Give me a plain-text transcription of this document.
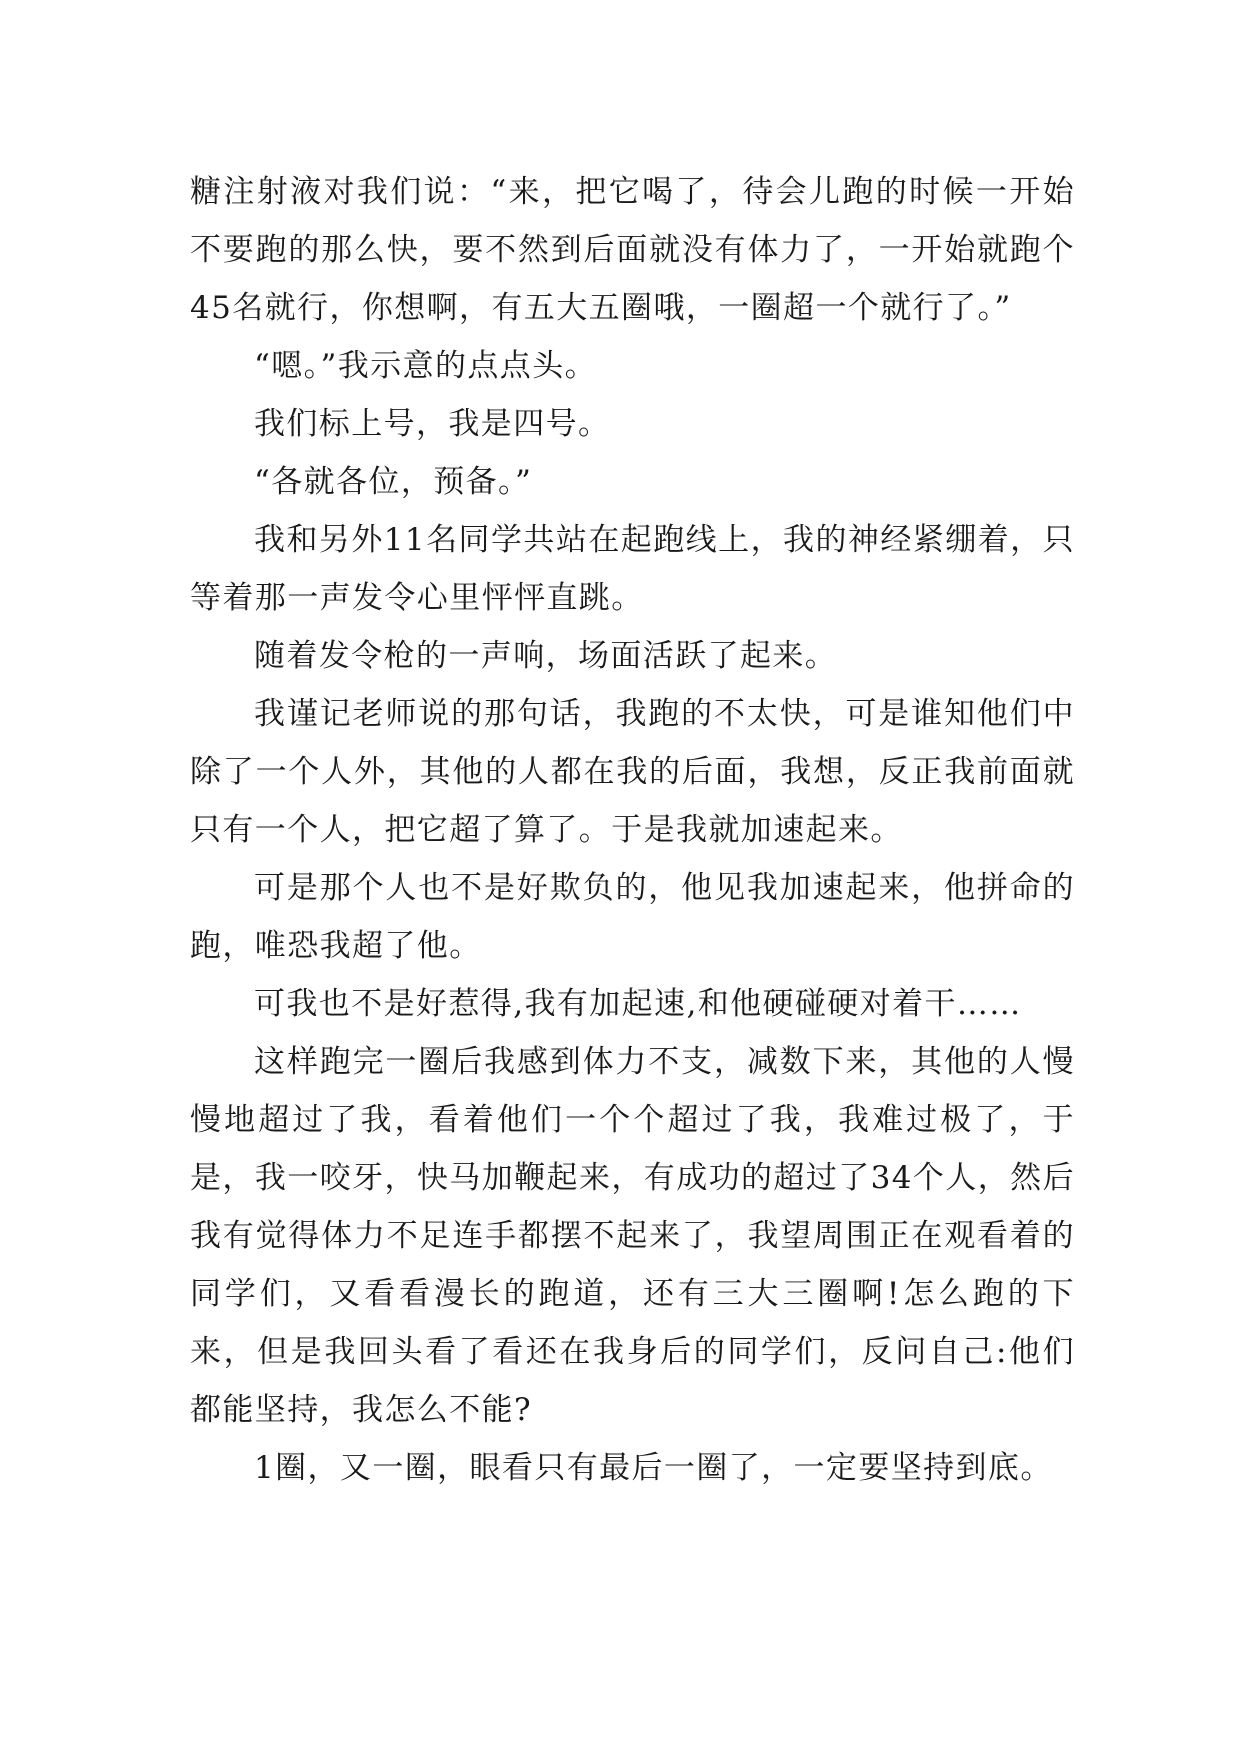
糖注射液对我们说：“来，把它喝了，待会儿跑的时候一开始不要跑的那么快，要不然到后面就没有体力了，一开始就跑个45名就行，你想啊，有五大五圈哦，一圈超一个就行了。”

“嗯。”我示意的点点头。

我们标上号，我是四号。

“各就各位，预备。”

我和另外11名同学共站在起跑线上，我的神经紧绷着，只等着那一声发令心里怦怦直跳。

随着发令枪的一声响，场面活跃了起来。

我谨记老师说的那句话，我跑的不太快，可是谁知他们中除了一个人外，其他的人都在我的后面，我想，反正我前面就只有一个人，把它超了算了。于是我就加速起来。

可是那个人也不是好欺负的，他见我加速起来，他拼命的跑，唯恐我超了他。

可我也不是好惹得,我有加起速,和他硬碰硬对着干……

这样跑完一圈后我感到体力不支，减数下来，其他的人慢慢地超过了我，看着他们一个个超过了我，我难过极了，于是，我一咬牙，快马加鞭起来，有成功的超过了34个人，然后我有觉得体力不足连手都摆不起来了，我望周围正在观看着的同学们，又看看漫长的跑道，还有三大三圈啊!怎么跑的下来，但是我回头看了看还在我身后的同学们，反问自己:他们都能坚持，我怎么不能?

1圈，又一圈，眼看只有最后一圈了，一定要坚持到底。
